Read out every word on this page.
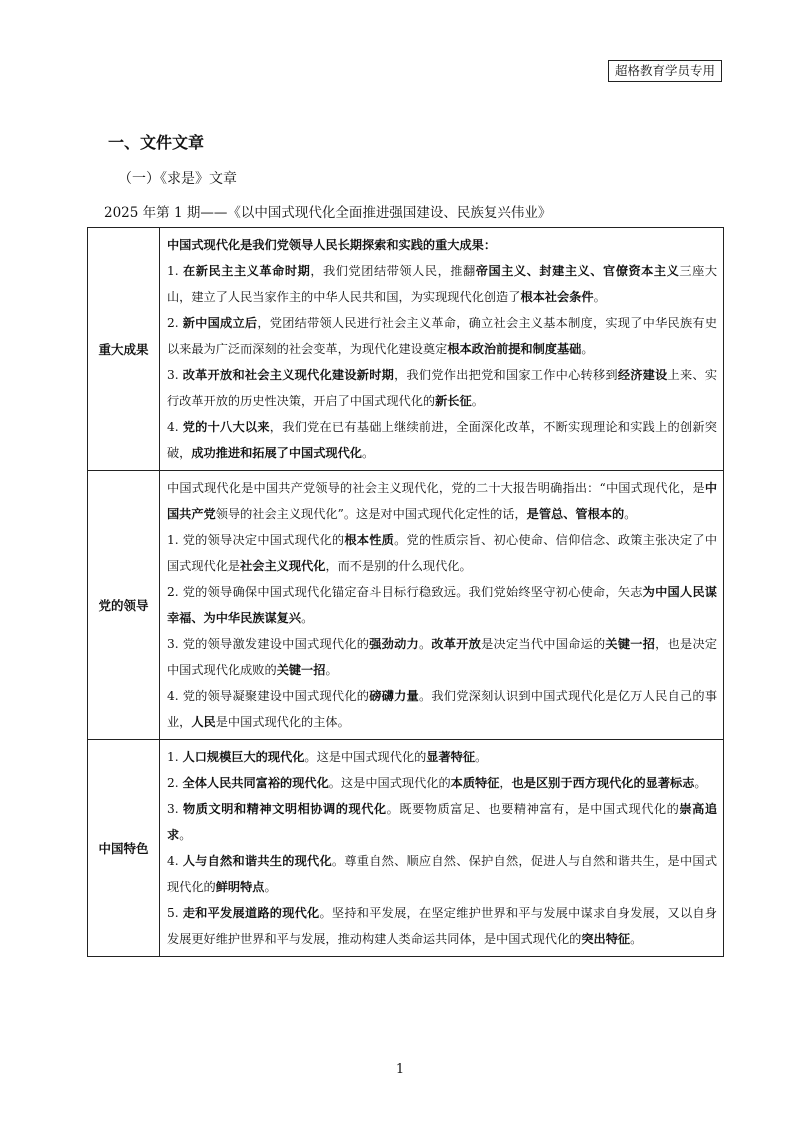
超格教育学员专用
一、文件文章
（一）《求是》文章
2025 年第 1 期——《以中国式现代化全面推进强国建设、民族复兴伟业》
重大成果	中国式现代化是我们党领导人民长期探索和实践的重大成果：

1. 在新民主主义革命时期，我们党团结带领人民，推翻帝国主义、封建主义、官僚资本主义三座大山，建立了人民当家作主的中华人民共和国，为实现现代化创造了根本社会条件。

2. 新中国成立后，党团结带领人民进行社会主义革命，确立社会主义基本制度，实现了中华民族有史以来最为广泛而深刻的社会变革，为现代化建设奠定根本政治前提和制度基础。

3. 改革开放和社会主义现代化建设新时期，我们党作出把党和国家工作中心转移到经济建设上来、实行改革开放的历史性决策，开启了中国式现代化的新长征。

4. 党的十八大以来，我们党在已有基础上继续前进，全面深化改革，不断实现理论和实践上的创新突破，成功推进和拓展了中国式现代化。

党的领导	中国式现代化是中国共产党领导的社会主义现代化，党的二十大报告明确指出：“中国式现代化，是中国共产党领导的社会主义现代化”。这是对中国式现代化定性的话，是管总、管根本的。

1. 党的领导决定中国式现代化的根本性质。党的性质宗旨、初心使命、信仰信念、政策主张决定了中国式现代化是社会主义现代化，而不是别的什么现代化。

2. 党的领导确保中国式现代化锚定奋斗目标行稳致远。我们党始终坚守初心使命，矢志为中国人民谋幸福、为中华民族谋复兴。

3. 党的领导激发建设中国式现代化的强劲动力。改革开放是决定当代中国命运的关键一招，也是决定中国式现代化成败的关键一招。

4. 党的领导凝聚建设中国式现代化的磅礴力量。我们党深刻认识到中国式现代化是亿万人民自己的事业，人民是中国式现代化的主体。

中国特色	1. 人口规模巨大的现代化。这是中国式现代化的显著特征。

2. 全体人民共同富裕的现代化。这是中国式现代化的本质特征，也是区别于西方现代化的显著标志。

3. 物质文明和精神文明相协调的现代化。既要物质富足、也要精神富有，是中国式现代化的崇高追求。

4. 人与自然和谐共生的现代化。尊重自然、顺应自然、保护自然，促进人与自然和谐共生，是中国式现代化的鲜明特点。

5. 走和平发展道路的现代化。坚持和平发展，在坚定维护世界和平与发展中谋求自身发展，又以自身发展更好维护世界和平与发展，推动构建人类命运共同体，是中国式现代化的突出特征。

1
